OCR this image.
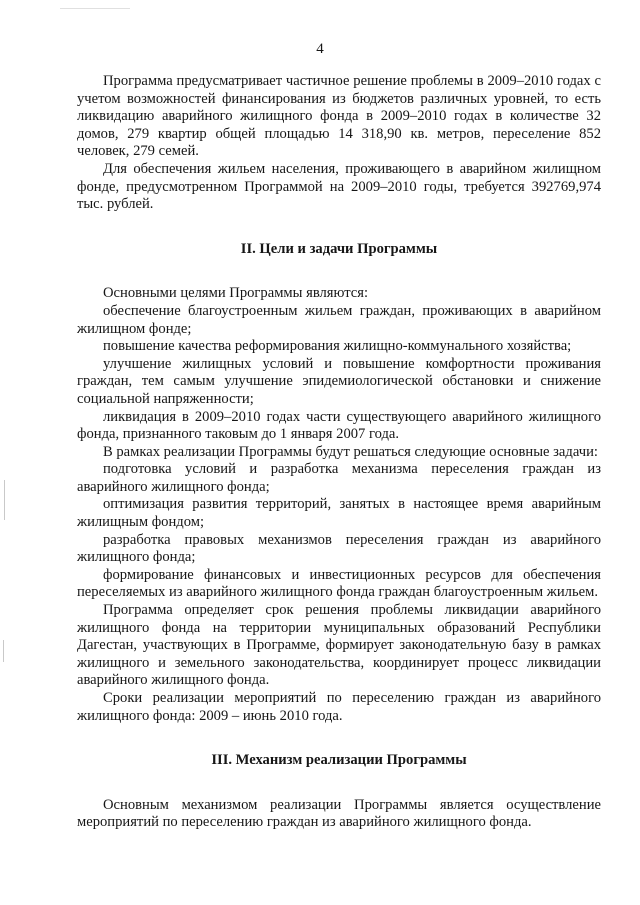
4

Программа предусматривает частичное решение проблемы в 2009–2010 годах с учетом возможностей финансирования из бюджетов различных уровней, то есть ликвидацию аварийного жилищного фонда в 2009–2010 годах в количестве 32 домов, 279 квартир общей площадью 14 318,90 кв. метров, переселение 852 человек, 279 семей.

Для обеспечения жильем населения, проживающего в аварийном жилищном фонде, предусмотренном Программой на 2009–2010 годы, требуется 392769,974 тыс. рублей.

II. Цели и задачи Программы

Основными целями Программы являются:

обеспечение благоустроенным жильем граждан, проживающих в аварийном жилищном фонде;

повышение качества реформирования жилищно-коммунального хозяйства;

улучшение жилищных условий и повышение комфортности проживания граждан, тем самым улучшение эпидемиологической обстановки и снижение социальной напряженности;

ликвидация в 2009–2010 годах части существующего аварийного жилищного фонда, признанного таковым до 1 января 2007 года.

В рамках реализации Программы будут решаться следующие основные задачи:

подготовка условий и разработка механизма переселения граждан из аварийного жилищного фонда;

оптимизация развития территорий, занятых в настоящее время аварийным жилищным фондом;

разработка правовых механизмов переселения граждан из аварийного жилищного фонда;

формирование финансовых и инвестиционных ресурсов для обеспечения переселяемых из аварийного жилищного фонда граждан благоустроенным жильем.

Программа определяет срок решения проблемы ликвидации аварийного жилищного фонда на территории муниципальных образований Республики Дагестан, участвующих в Программе, формирует законодательную базу в рамках жилищного и земельного законодательства, координирует процесс ликвидации аварийного жилищного фонда.

Сроки реализации мероприятий по переселению граждан из аварийного жилищного фонда: 2009 – июнь 2010 года.

III. Механизм реализации Программы

Основным механизмом реализации Программы является осуществление мероприятий по переселению граждан из аварийного жилищного фонда.
